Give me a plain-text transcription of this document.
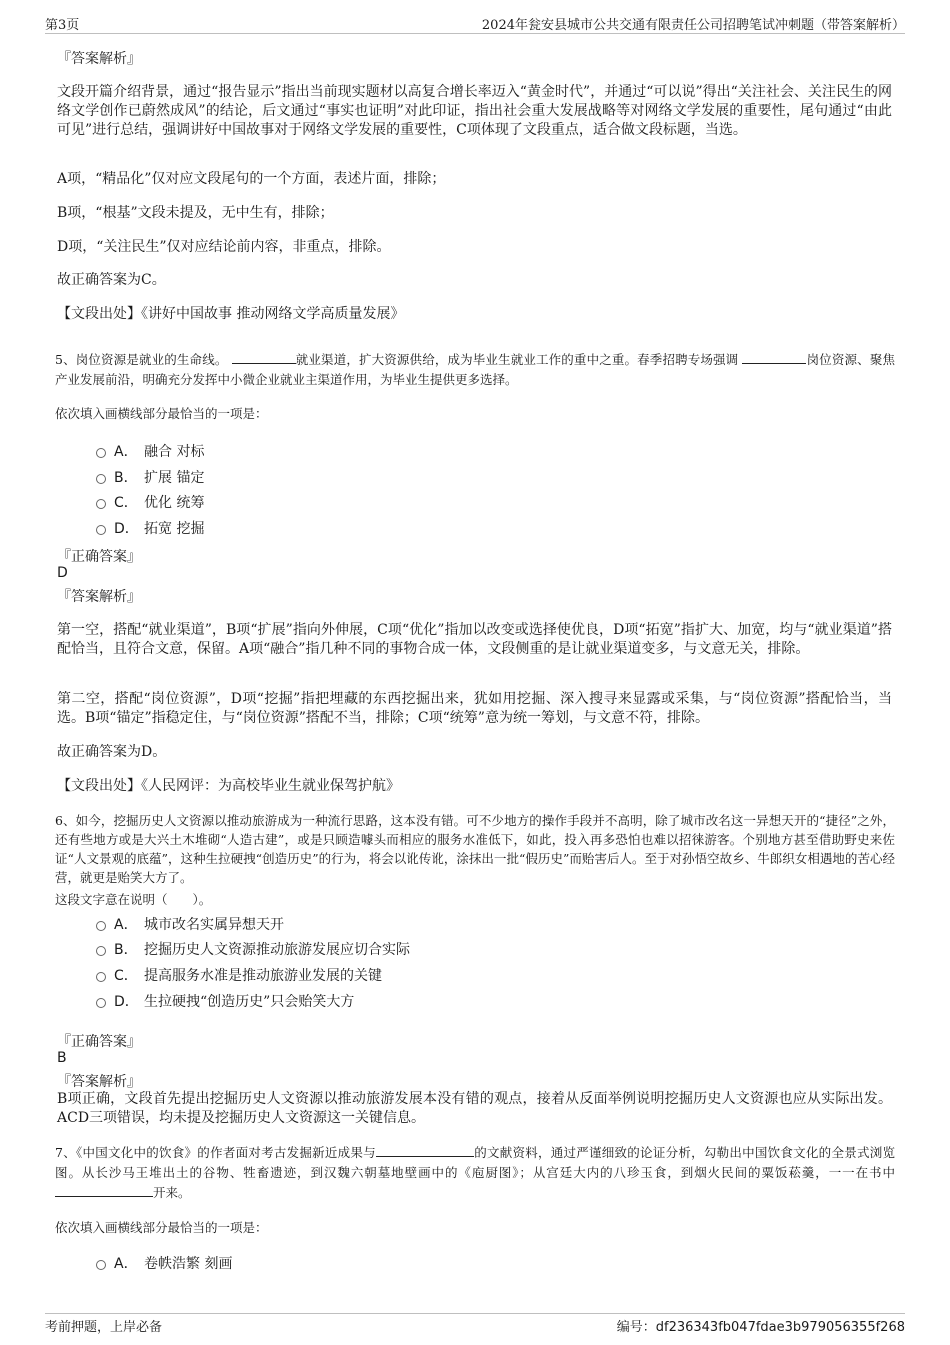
第3页	2024年瓮安县城市公共交通有限责任公司招聘笔试冲刺题（带答案解析）
『答案解析』
文段开篇介绍背景，通过“报告显示”指出当前现实题材以高复合增长率迈入“黄金时代”，并通过“可以说”得出“关注社会、关注民生的网络文学创作已蔚然成风”的结论，后文通过“事实也证明”对此印证，指出社会重大发展战略等对网络文学发展的重要性，尾句通过“由此可见”进行总结，强调讲好中国故事对于网络文学发展的重要性，C项体现了文段重点，适合做文段标题，当选。
A项，“精品化”仅对应文段尾句的一个方面，表述片面，排除；
B项，“根基”文段未提及，无中生有，排除；
D项，“关注民生”仅对应结论前内容，非重点，排除。
故正确答案为C。
【文段出处】《讲好中国故事 推动网络文学高质量发展》
5、岗位资源是就业的生命线。	就业渠道，扩大资源供给，成为毕业生就业工作的重中之重。春季招聘专场强调	岗位资源、聚焦产业发展前沿，明确充分发挥中小微企业就业主渠道作用，为毕业生提供更多选择。
依次填入画横线部分最恰当的一项是：
A． 融合 对标
B． 扩展 锚定
C． 优化 统筹
D． 拓宽 挖掘
『正确答案』
D
『答案解析』
第一空，搭配“就业渠道”，B项“扩展”指向外伸展，C项“优化”指加以改变或选择使优良，D项“拓宽”指扩大、加宽，均与“就业渠道”搭配恰当，且符合文意，保留。A项“融合”指几种不同的事物合成一体，文段侧重的是让就业渠道变多，与文意无关，排除。
第二空，搭配“岗位资源”，D项“挖掘”指把埋藏的东西挖掘出来，犹如用挖掘、深入搜寻来显露或采集，与“岗位资源”搭配恰当，当选。B项“锚定”指稳定住，与“岗位资源”搭配不当，排除；C项“统筹”意为统一筹划，与文意不符，排除。
故正确答案为D。
【文段出处】《人民网评：为高校毕业生就业保驾护航》
6、如今，挖掘历史人文资源以推动旅游成为一种流行思路，这本没有错。可不少地方的操作手段并不高明，除了城市改名这一异想天开的“捷径”之外，还有些地方或是大兴土木堆砌“人造古建”，或是只顾造噱头而相应的服务水准低下，如此，投入再多恐怕也难以招徕游客。个别地方甚至借助野史来佐证“人文景观的底蕴”，这种生拉硬拽“创造历史”的行为，将会以讹传讹，涂抹出一批“假历史”而贻害后人。至于对孙悟空故乡、牛郎织女相遇地的苦心经营，就更是贻笑大方了。
这段文字意在说明（　　）。
A． 城市改名实属异想天开
B． 挖掘历史人文资源推动旅游发展应切合实际
C． 提高服务水准是推动旅游业发展的关键
D． 生拉硬拽“创造历史”只会贻笑大方
『正确答案』
B
『答案解析』
B项正确，文段首先提出挖掘历史人文资源以推动旅游发展本没有错的观点，接着从反面举例说明挖掘历史人文资源也应从实际出发。ACD三项错误，均未提及挖掘历史人文资源这一关键信息。
7、《中国文化中的饮食》的作者面对考古发掘新近成果与	的文献资料，通过严谨细致的论证分析，勾勒出中国饮食文化的全景式浏览图。从长沙马王堆出土的谷物、牲畜遗迹，到汉魏六朝墓地壁画中的《庖厨图》；从宫廷大内的八珍玉食，到烟火民间的粟饭菘羹，一一在书中开来。
依次填入画横线部分最恰当的一项是：
A． 卷帙浩繁 刻画
考前押题，上岸必备	编号：df236343fb047fdae3b979056355f268
